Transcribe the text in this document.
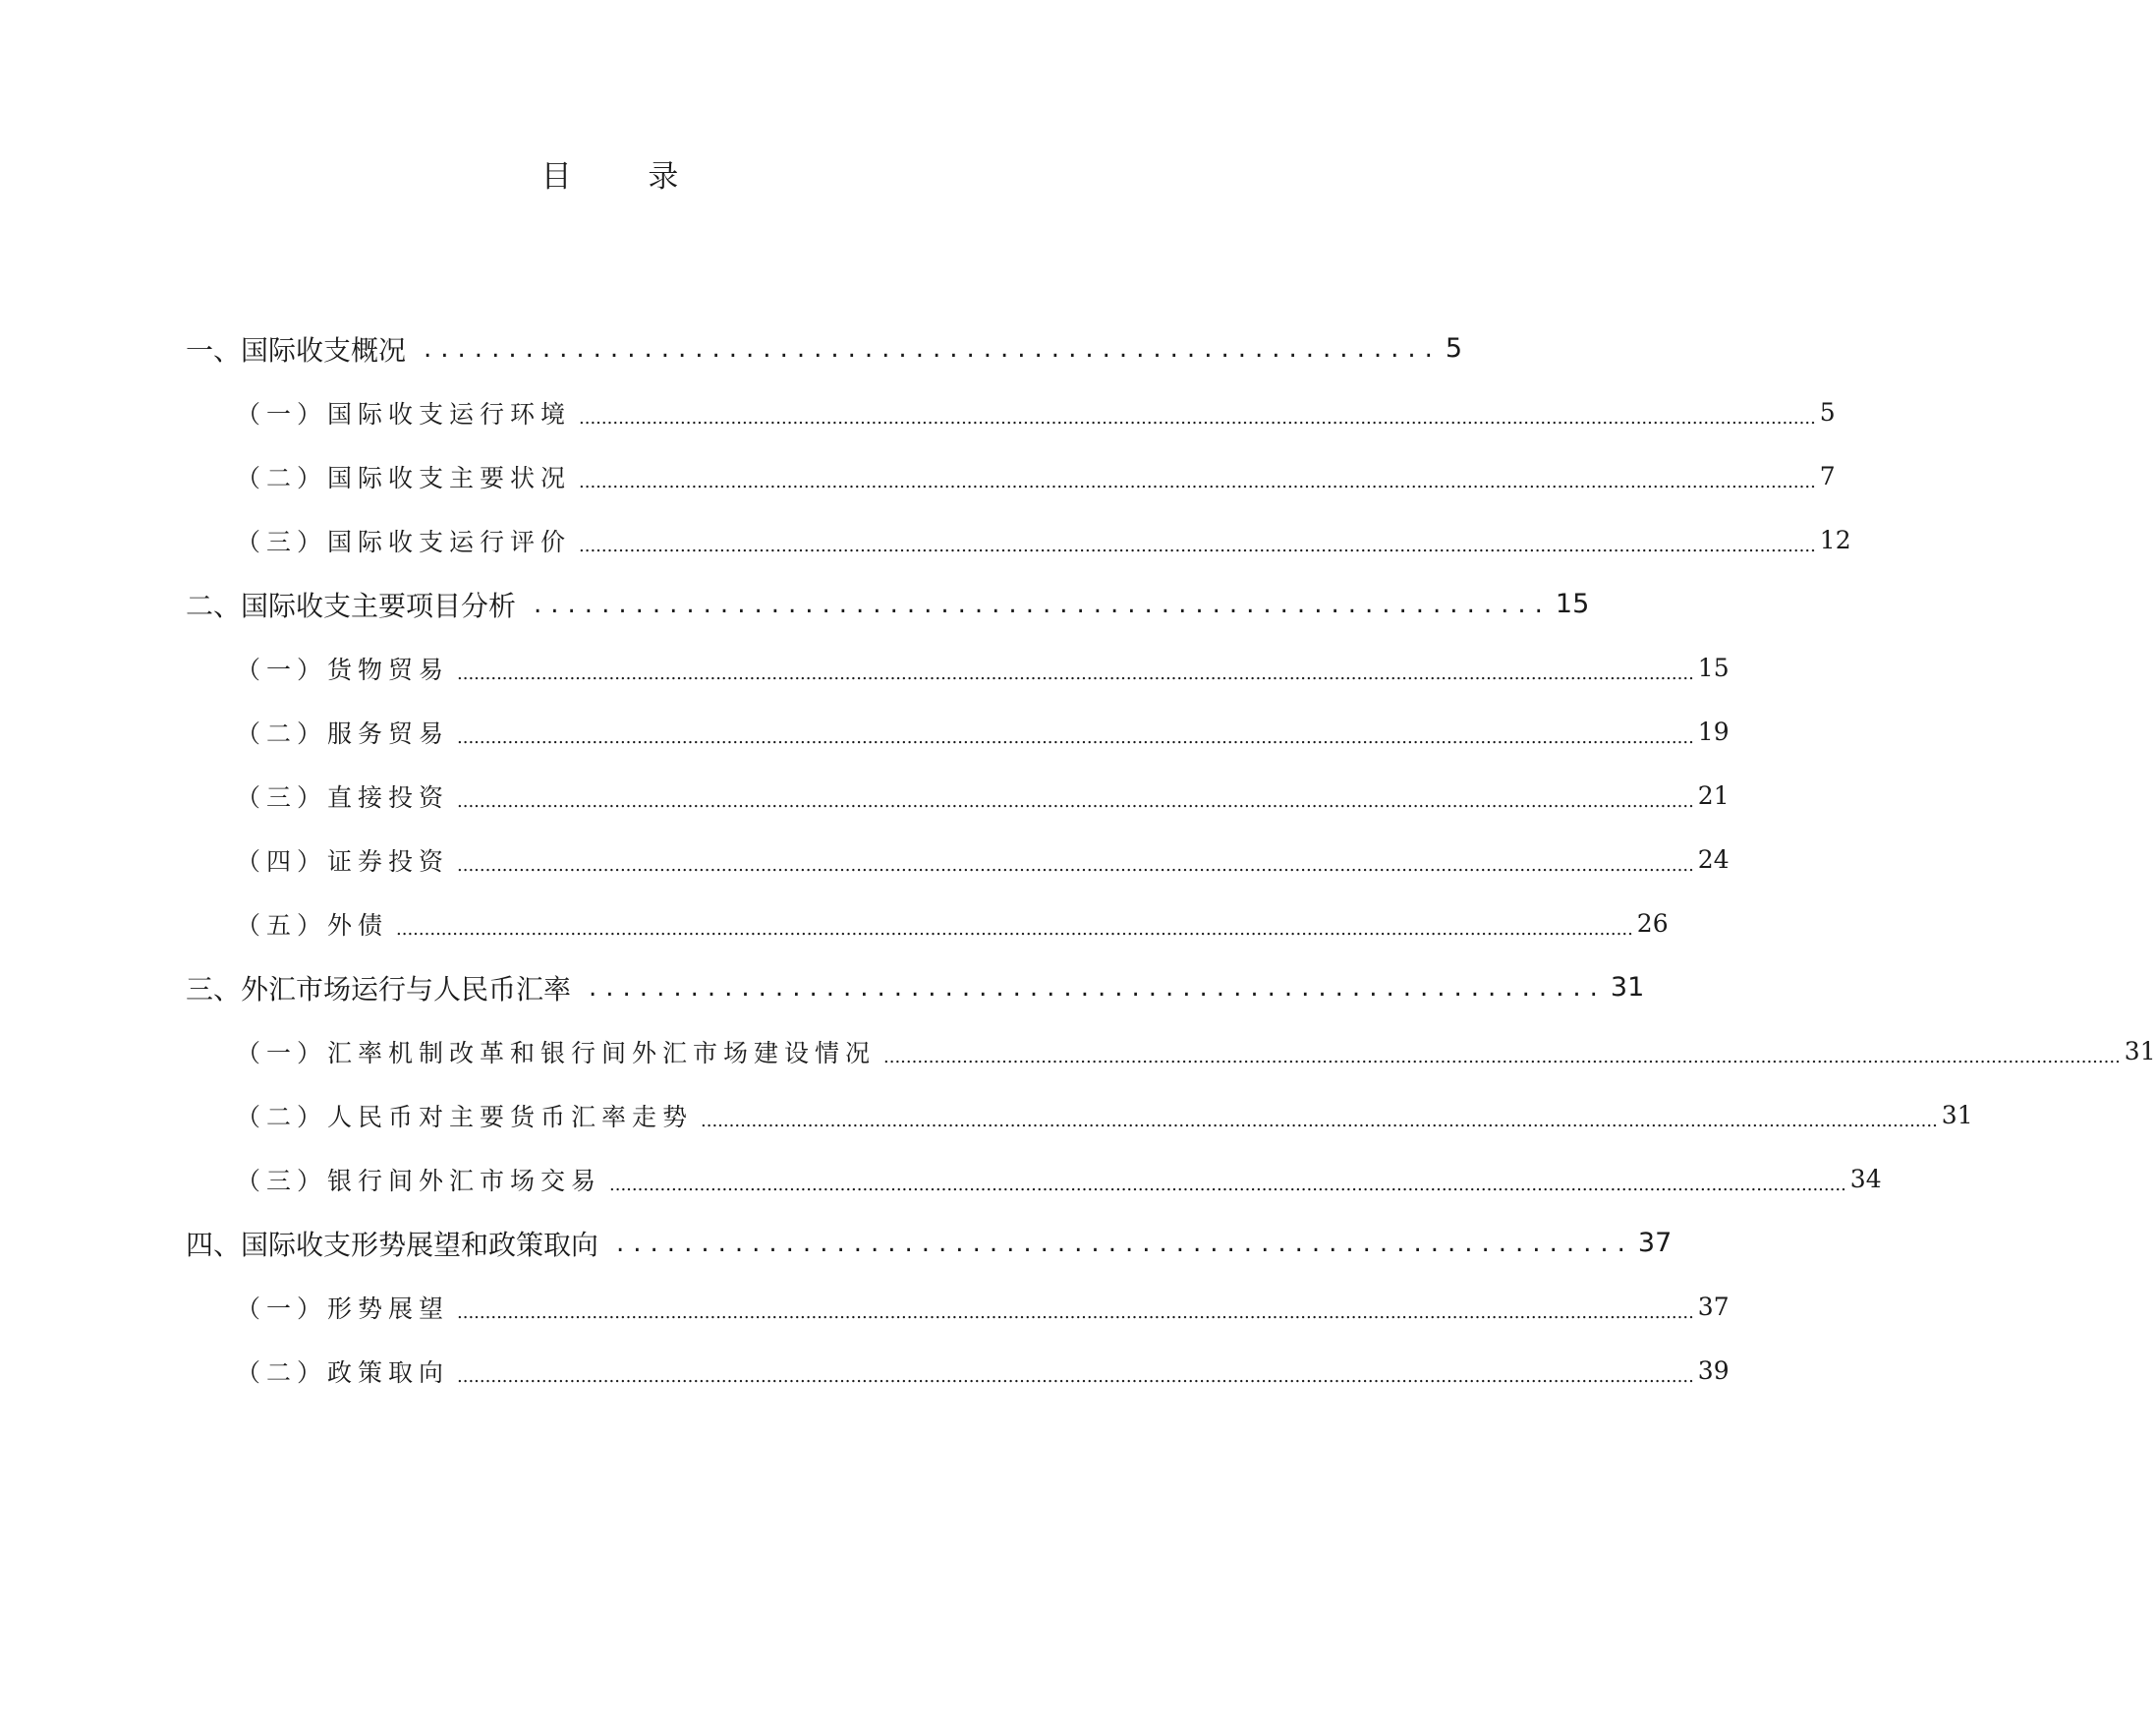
目 录
一、国际收支概况 ............................................................ 5
（一）国际收支运行环境 ............................................................................................................................................................................................................................ 5
（二）国际收支主要状况 ............................................................................................................................................................................................................................ 7
（三）国际收支运行评价 ............................................................................................................................................................................................................................ 12
二、国际收支主要项目分析 ............................................................ 15
（一）货物贸易 ............................................................................................................................................................................................................................ 15
（二）服务贸易 ............................................................................................................................................................................................................................ 19
（三）直接投资 ............................................................................................................................................................................................................................ 21
（四）证券投资 ............................................................................................................................................................................................................................ 24
（五）外债 ............................................................................................................................................................................................................................ 26
三、外汇市场运行与人民币汇率 ............................................................ 31
（一）汇率机制改革和银行间外汇市场建设情况 ............................................................................................................................................................................................................................ 31
（二）人民币对主要货币汇率走势 ............................................................................................................................................................................................................................ 31
（三）银行间外汇市场交易 ............................................................................................................................................................................................................................ 34
四、国际收支形势展望和政策取向 ............................................................ 37
（一）形势展望 ............................................................................................................................................................................................................................ 37
（二）政策取向 ............................................................................................................................................................................................................................ 39
